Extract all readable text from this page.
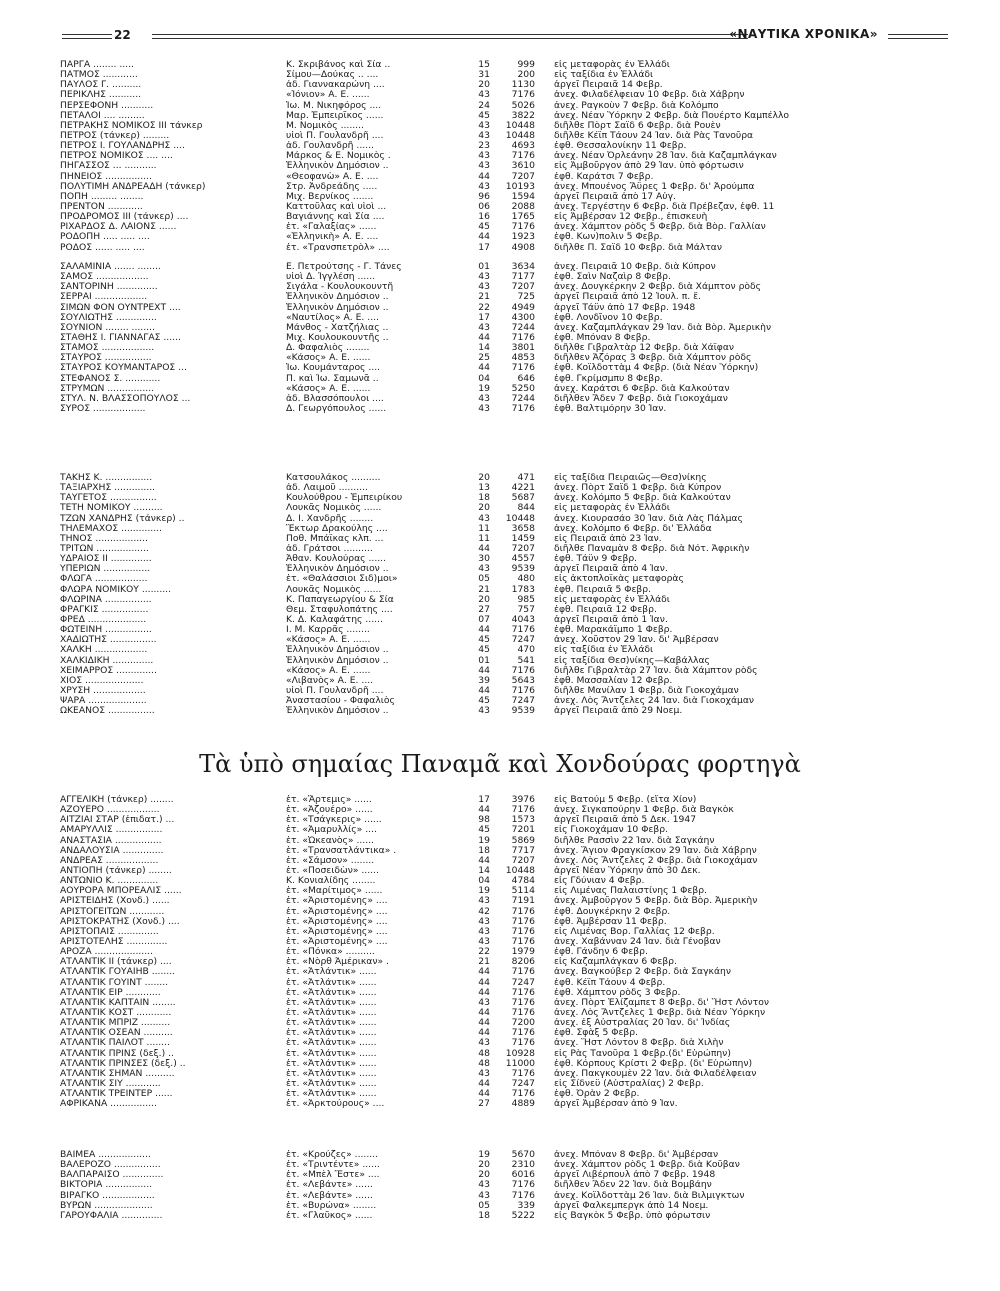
22	«ΝΑΥΤΙΚΑ ΧΡΟΝΙΚΑ»
ΠΑΡΓΑ ........ .....	Κ. Σκριβάνος καὶ Σία ..	15	999 εἰς μεταφορὰς ἐν Ἑλλάδι
ΠΑΤΜΟΣ ............	Σίμου—Δούκας .. ....	31	200 εἰς ταξίδια ἐν Ἑλλάδι
ΠΑΥΛΟΣ Γ. ..........	ἀδ. Γιαννακαρώνη ....	20	1130 ἀργεῖ Πειραιᾶ 14 Φεβρ.
ΠΕΡΙΚΛΗΣ ...........	«Ἰόνιον» Α. Ε. ......	43	7176 ἀνεχ. Φιλαδέλφειαν 10 Φεβρ. διὰ Χάβρην
ΠΕΡΣΕΦΟΝΗ ...........	Ἰω. Μ. Νικηφόρος ....	24	5026 ἀνεχ. Ραγκοὺν 7 Φεβρ. διὰ Κολόμπο
ΠΕΤΑΛΟΙ .... .........	Μαρ. Ἐμπειρῖκος ......	45	3822 ἀνεχ. Νέαν Ὑόρκην 2 Φεβρ. διὰ Πουέρτο Καμπέλλο
ΠΕΤΡΑΚΗΣ ΝΟΜΙΚΟΣ ΙΙΙ τάνκερ	Μ. Νομικὸς ........	43	10448 διῆλθε Πὸρτ Σαΐδ 6 Φεβρ. διὰ Ρουὲν
ΠΕΤΡΟΣ (τάνκερ) .........	υἱοὶ Π. Γουλανδρῆ ....	43	10448 διῆλθε Κέϊπ Τάουν 24 Ἰαν. διὰ Ρὰς Τανοῦρα
ΠΕΤΡΟΣ Ι. ΓΟΥΛΑΝΔΡΗΣ ....	ἀδ. Γουλανδρῆ ......	23	4693 ἐφθ. Θεσσαλονίκην 11 Φεβρ.
ΠΕΤΡΟΣ ΝΟΜΙΚΟΣ .... ....	Μάρκος & Ε. Νομικὸς .	43	7176 ἀνεχ. Νέαν Ὀρλεάνην 28 Ἰαν. διὰ Καζαμπλάγκαν
ΠΗΓΑΣΣΟΣ ... ...........	Ἑλληνικὸν Δημόσιον ..	43	3610 εἰς Ἀμβοῦργον ἀπὸ 29 Ἰαν. ὑπὸ φόρτωσιν
ΠΗΝΕΙΟΣ ................	«Θεοφανὼ» Α. Ε. ....	44	7207 ἐφθ. Καράτσι 7 Φεβρ.
ΠΟΛΥΤΙΜΗ ΑΝΔΡΕΑΔΗ (τάνκερ)	Στρ. Ἀνδρεάδης .....	43	10193 ἀνεχ. Μπουένος Ἄϋρες 1 Φεβρ. δι' Ἀρούμπα
ΠΟΠΗ ......... ........	Μιχ. Βερνίκος .......	96	1594 ἀργεῖ Πειραιᾶ ἀπὸ 17 Αὐγ.
ΠΡΕΝΤΟΝ ............	Καττοῦλας καὶ υἱοὶ ...	06	2088 ἀνεχ. Τεργέστην 6 Φεβρ. διὰ Πρέβεζαν, ἐφθ. 11
ΠΡΟΔΡΟΜΟΣ ΙΙΙ (τάνκερ) ....	Βαγιάννης καὶ Σία ....	16	1765 εἰς Ἀμβέρσαν 12 Φεβρ., ἐπισκευὴ
ΡΙΧΑΡΔΟΣ Δ. ΛΑΙΟΝΣ ......	ἑτ. «Γαλαξίας» ......	45	7176 ἀνεχ. Χάμπτον ρὸδς 5 Φεβρ. διὰ Βὸρ. Γαλλίαν
ΡΟΔΟΠΗ ..... ..... ....	«Ἑλληνικὴ» Α. Ε. ....	44	1923 ἐφθ. Κων)πολιν 5 Φεβρ.
ΡΟΔΟΣ ...... ..... ....	ἑτ. «Τρανσπετρὸλ» ....	17	4908 διῆλθε Π. Σαΐδ 10 Φεβρ. διὰ Μάλταν
ΣΑΛΑΜΙΝΙΑ ....... ........	Ε. Πετρούτσης - Γ. Τάνες	01	3634 ἀνεχ. Πειραιᾶ 10 Φεβρ. διὰ Κύπρον
ΣΑΜΟΣ ..................	υἱοὶ Δ. Ἰγγλέση ......	43	7177 ἐφθ. Σαὶν Ναζαὶρ 8 Φεβρ.
ΣΑΝΤΟΡΙΝΗ ..............	Σιγάλα - Κουλουκουντῆ	43	7207 ἀνεχ. Δουγκέρκην 2 Φεβρ. διὰ Χάμπτον ρὸδς
ΣΕΡΡΑΙ ..................	Ἑλληνικὸν Δημόσιον ..	21	725 ἀργεῖ Πειραιᾶ ἀπὸ 12 Ἰουλ. π. ἔ.
ΣΙΜΩΝ ΦΟΝ ΟΥΝΤΡΕΧΤ ....	Ἑλληνικὸν Δημόσιον ..	22	4949 ἀργεῖ Τάϋν ἀπὸ 17 Φεβρ. 1948
ΣΟΥΛΙΩΤΗΣ ..............	«Ναυτίλος» Α. Ε. ....	17	4300 ἐφθ. Λονδῖνον 10 Φεβρ.
ΣΟΥΝΙΟΝ ........ ........	Μάνθος - Χατζήλιας ..	43	7244 ἀνεχ. Καζαμπλάγκαν 29 Ἰαν. διὰ Βὸρ. Ἀμερικὴν
ΣΤΑΘΗΣ Ι. ΓΙΑΝΝΑΓΑΣ ......	Μιχ. Κουλουκουντῆς ..	44	7176 ἐφθ. Μπόναν 8 Φεβρ.
ΣΤΑΜΟΣ ..................	Δ. Φαφαλιὸς ........	14	3801 διῆλθε Γιβραλτὰρ 12 Φεβρ. διὰ Χάϊφαν
ΣΤΑΥΡΟΣ ................	«Κάσος» Α. Ε. ......	25	4853 διῆλθεν Ἀζόρας 3 Φεβρ. διὰ Χάμπτον ρὸδς
ΣΤΑΥΡΟΣ ΚΟΥΜΑΝΤΑΡΟΣ ...	Ἰω. Κουμάνταρος ....	44	7176 ἐφθ. Κοϊλδοττὰμ 4 Φεβρ. (διὰ Νέαν Ὑόρκην)
ΣΤΕΦΑΝΟΣ Σ. ............	Π. καὶ Ἰω. Σαμωνᾶ ..	04	646 ἐφθ. Γκρίμσμπυ 8 Φεβρ.
ΣΤΡΥΜΩΝ ................	«Κάσος» Α. Ε. ......	19	5250 ἀνεχ. Καράτσι 6 Φεβρ. διὰ Καλκούταν
ΣΤΥΛ. Ν. ΒΛΑΣΣΟΠΟΥΛΟΣ ...	ἀδ. Βλασσόπουλοι ....	43	7244 διῆλθεν Ἄδεν 7 Φεβρ. διὰ Γιοκοχάμαν
ΣΥΡΟΣ ..................	Δ. Γεωργόπουλος ......	43	7176 ἐφθ. Βαλτιμόρην 30 Ἰαν.
ΤΑΚΗΣ Κ. ................	Κατσουλάκος ..........	20	471 εἰς ταξίδια Πειραιῶς—Θεσ)νίκης
ΤΑΞΙΑΡΧΗΣ ..............	ἀδ. Λαιμοῦ ..........	13	4221 ἀνεχ. Πὸρτ Σαΐδ 1 Φεβρ. διὰ Κύπρον
ΤΑΫΓΕΤΟΣ ................	Κουλούθρου - Ἐμπειρίκου	18	5687 ἀνεχ. Κολόμπο 5 Φεβρ. διὰ Καλκούταν
ΤΕΤΗ ΝΟΜΙΚΟΥ ..........	Λουκᾶς Νομικὸς ......	20	844 εἰς μεταφορὰς ἐν Ἑλλάδι
ΤΖΩΝ ΧΑΝΔΡΗΣ (τάνκερ) ..	Δ. Ι. Χανδρῆς ........	43	10448 ἀνεχ. Κιουρασάο 30 Ἰαν. διὰ Λὰς Πάλμας
ΤΗΛΕΜΑΧΟΣ ..............	Ἕκτωρ Δρακούλης ....	11	3658 ἀνεχ. Κολόμπο 6 Φεβρ. δι' Ἑλλάδα
ΤΗΝΟΣ ..................	Ποθ. Μπάϊκας κλπ. ...	11	1459 εἰς Πειραιᾶ ἀπὸ 23 Ἰαν.
ΤΡΙΤΩΝ ..................	ἀδ. Γράτσοι ..........	44	7207 διῆλθε Παναμὰν 8 Φεβρ. διὰ Νότ. Ἀφρικὴν
ΥΔΡΑΙΟΣ ΙΙ ..............	Ἀθαν. Κουλούρας ......	30	4557 ἐφθ. Τάϋν 9 Φεβρ.
ΥΠΕΡΙΩΝ ................	Ἑλληνικὸν Δημόσιον ..	43	9539 ἀργεῖ Πειραιᾶ ἀπὸ 4 Ἰαν.
ΦΛΩΓΑ ..................	ἑτ. «Θαλάσσιοι Σιδ)μοι»	05	480 εἰς ἀκτοπλοϊκὰς μεταφορὰς
ΦΛΩΡΑ ΝΟΜΙΚΟΥ ..........	Λουκᾶς Νομικὸς ......	21	1783 ἐφθ. Πειραιᾶ 5 Φεβρ.
ΦΛΩΡΙΝΑ ................	Κ. Παπαγεωργίου & Σία	20	985 εἰς μεταφορὰς ἐν Ἑλλάδι
ΦΡΑΓΚΙΣ ................	Θεμ. Σταφυλοπάτης ....	27	757 ἐφθ. Πειραιᾶ 12 Φεβρ.
ΦΡΕΔ ....................	Κ. Δ. Καλαφάτης ......	07	4043 ἀργεῖ Πειραιᾶ ἀπὸ 1 Ἰαν.
ΦΩΤΕΙΝΗ ................	Ι. Μ. Καρρᾶς ........	44	7176 ἐφθ. Μαρακάϊμπο 1 Φεβρ.
ΧΑΔΙΩΤΗΣ ................	«Κάσος» Α. Ε. ......	45	7247 ἀνεχ. Χοῦστον 29 Ἰαν. δι' Ἀμβέρσαν
ΧΑΛΚΗ ..................	Ἑλληνικὸν Δημόσιον ..	45	470 εἰς ταξίδια ἐν Ἑλλάδι
ΧΑΛΚΙΔΙΚΗ ..............	Ἑλληνικὸν Δημόσιον ..	01	541 εἰς ταξίδια Θεσ)νίκης—Καβάλλας
ΧΕΙΜΑΡΡΟΣ ..............	«Κάσος» Α. Ε. ......	44	7176 διῆλθε Γιβραλτὰρ 27 Ἰαν. διὰ Χάμπτον ρὸδς
ΧΙΟΣ ....................	«Λιβανὸς» Α. Ε. ....	39	5643 ἐφθ. Μασσαλίαν 12 Φεβρ.
ΧΡΥΣΗ ..................	υἱοὶ Π. Γουλανδρῆ ....	44	7176 διῆλθε Μανίλαν 1 Φεβρ. διὰ Γιοκοχάμαν
ΨΑΡΑ ....................	Ἀναστασίου - Φαφαλιὸς	45	7247 ἀνεχ. Λὸς Ἄντζελες 24 Ἰαν. διὰ Γιοκοχάμαν
ΩΚΕΑΝΟΣ ................	Ἑλληνικὸν Δημόσιον ..	43	9539 ἀργεῖ Πειραιᾶ ἀπὸ 29 Νοεμ.
Τὰ ὑπὸ σημαίας Παναμᾶ καὶ Χονδούρας φορτηγὰ
ΑΓΓΕΛΙΚΗ (τάνκερ) ........	ἑτ. «Ἄρτεμις» ......	17	3976 εἰς Βατούμ 5 Φεβρ. (εἴτα Χίον)
ΑΖΟΥΕΡΟ ..................	ἑτ. «Ἀζουέρο» ......	44	7176 ἀνεχ. Σιγκαπούρην 1 Φεβρ. διὰ Βαγκὸκ
ΑΪΤΖΙΑΙ ΣΤΑΡ (ἐπιδατ.) ...	ἑτ. «Τσάγκερις» ......	98	1573 ἀργεῖ Πειραιᾶ ἀπὸ 5 Δεκ. 1947
ΑΜΑΡΥΛΛΙΣ ................	ἑτ. «Ἀμαρυλλίς» ....	45	7201 εἰς Γιοκοχάμαν 10 Φεβρ.
ΑΝΑΣΤΑΣΙΑ ................	ἑτ. «Ὠκεανὸς» ......	19	5869 διῆλθε Ρασσὶν 22 Ἰαν. διὰ Σαγκάην
ΑΝΔΑΛΟΥΣΙΑ ..............	ἑτ. «Τρανσατλάντικα» .	18	7717 ἀνεχ. Ἅγιον Φραγκίσκον 29 Ἰαν. διὰ Χάβρην
ΑΝΔΡΕΑΣ ..................	ἑτ. «Σάμσον» ........	44	7207 ἀνεχ. Λὸς Ἄντζελες 2 Φεβρ. διὰ Γιοκοχάμαν
ΑΝΤΙΟΠΗ (τάνκερ) ........	ἑτ. «Ποσειδὼν» ......	14	10448 ἀργεῖ Νέαν Ὑόρκην ἀπὸ 30 Δεκ.
ΑΝΤΩΝΙΟ Κ. ..............	Κ. Κονιαλίδης ........	04	4784 εἰς Γδύνιαν 4 Φεβρ.
ΑΟΥΡΟΡΑ ΜΠΟΡΕΑΛΙΣ ......	ἑτ. «Μαρίτιμος» ......	19	5114 εἰς Λιμένας Παλαιστίνης 1 Φεβρ.
ΑΡΙΣΤΕΙΔΗΣ (Χονδ.) ......	ἑτ. «Ἀριστομένης» ....	43	7191 ἀνεχ. Ἀμβοῦργον 5 Φεβρ. διὰ Βὸρ. Ἀμερικὴν
ΑΡΙΣΤΟΓΕΙΤΩΝ ............	ἑτ. «Ἀριστομένης» ....	42	7176 ἐφθ. Δουγκέρκην 2 Φεβρ.
ΑΡΙΣΤΟΚΡΑΤΗΣ (Χονδ.) ....	ἑτ. «Ἀριστομένης» ....	43	7176 ἐφθ. Ἀμβέρσαν 11 Φεβρ.
ΑΡΙΣΤΟΠΑΙΣ ..............	ἑτ. «Ἀριστομένης» ....	43	7176 εἰς Λιμένας Βορ. Γαλλίας 12 Φεβρ.
ΑΡΙΣΤΟΤΕΛΗΣ ..............	ἑτ. «Ἀριστομένης» ....	43	7176 ἀνεχ. Χαβάνναν 24 Ἰαν. διὰ Γένοβαν
ΑΡΟΖΑ ....................	ἑτ. «Πόνκα» ..........	22	1979 ἐφθ. Γάνδην 6 Φεβρ.
ΑΤΛΑΝΤΙΚ ΙΙ (τάνκερ) ....	ἑτ. «Νὸρθ Ἀμέρικαν» .	21	8206 εἰς Καζαμπλάγκαν 6 Φεβρ.
ΑΤΛΑΝΤΙΚ ΓΟΥΑΙΗΒ ........	ἑτ. «Ἀτλάντικ» ......	44	7176 ἀνεχ. Βαγκούβερ 2 Φεβρ. διὰ Σαγκάην
ΑΤΛΑΝΤΙΚ ΓΟΥΙΝΤ ........	ἑτ. «Ἀτλάντικ» ......	44	7247 ἐφθ. Κέϊπ Τάουν 4 Φεβρ.
ΑΤΛΑΝΤΙΚ ΕΪΡ ............	ἑτ. «Ἀτλάντικ» ......	44	7176 ἐφθ. Χάμπτον ρὸδς 3 Φεβρ.
ΑΤΛΑΝΤΙΚ ΚΑΠΤΑΙΝ ........	ἑτ. «Ἀτλάντικ» ......	43	7176 ἀνεχ. Πὸρτ Ἐλίζαμπετ 8 Φεβρ. δι' Ἥστ Λόντον
ΑΤΛΑΝΤΙΚ ΚΟΣΤ ............	ἑτ. «Ἀτλάντικ» ......	44	7176 ἀνεχ. Λὸς Ἄντζελες 1 Φεβρ. διὰ Νέαν Ὑόρκην
ΑΤΛΑΝΤΙΚ ΜΠΡΙΖ ..........	ἑτ. «Ἀτλάντικ» ......	44	7200 ἀνεχ. ἐξ Αὐστραλίας 20 Ἰαν. δι' Ἰνδίας
ΑΤΛΑΝΤΙΚ ΟΣΕΑΝ ..........	ἑτ. «Ἀτλάντικ» ......	44	7176 ἐφθ. Σφὰξ 5 Φεβρ.
ΑΤΛΑΝΤΙΚ ΠΑΪΛΟΤ ........	ἑτ. «Ἀτλάντικ» ......	43	7176 ἀνεχ. Ἥστ Λόντον 8 Φεβρ. διὰ Χιλὴν
ΑΤΛΑΝΤΙΚ ΠΡΙΝΣ (δεξ.) ..	ἑτ. «Ἀτλάντικ» ......	48	10928 εἰς Ρὰς Τανοῦρα 1 Φεβρ.(δι' Εὐρώπην)
ΑΤΛΑΝΤΙΚ ΠΡΙΝΣΕΣ (δεξ.) ..	ἑτ. «Ἀτλάντικ» ......	48	11000 ἐφθ. Κόρπους Κρίστι 2 Φεβρ. (δι' Εὐρώπην)
ΑΤΛΑΝΤΙΚ ΣΗΜΑΝ ..........	ἑτ. «Ἀτλάντικ» ......	43	7176 ἀνεχ. Πακγκουμὲν 22 Ἰαν. διὰ Φιλαδέλφειαν
ΑΤΛΑΝΤΙΚ ΣΙΫ ............	ἑτ. «Ἀτλάντικ» ......	44	7247 εἰς Σίδνεϋ (Αὐστραλίας) 2 Φεβρ.
ΑΤΛΑΝΤΙΚ ΤΡΕΪΝΤΕΡ ......	ἑτ. «Ἀτλάντικ» ......	44	7176 ἐφθ. Ὀρὰν 2 Φεβρ.
ΑΦΡΙΚΑΝΑ ................	ἑτ. «Ἀρκτούρους» ....	27	4889 ἀργεῖ Ἀμβέρσαν ἀπὸ 9 Ἰαν.
ΒΑΪΜΕΑ ..................	ἑτ. «Κρούζες» ........	19	5670 ἀνεχ. Μπόναν 8 Φεβρ. δι' Ἀμβέρσαν
ΒΑΛΕΡΟΖΟ ................	ἑτ. «Τριντέντε» ......	20	2310 ἀνεχ. Χάμπτον ρὸδς 1 Φεβρ. διὰ Κοῦβαν
ΒΑΛΠΑΡΑΪΣΟ ..............	ἑτ. «Μπὲλ Ἔστε» ....	20	6016 ἀργεῖ Λιβέρπουλ ἀπὸ 7 Φεβρ. 1948
ΒΙΚΤΟΡΙΑ ................	ἑτ. «Λεβάντε» ......	43	7176 διῆλθεν Ἄδεν 22 Ἰαν. διὰ Βομβάην
ΒΙΡΑΓΚΟ ..................	ἑτ. «Λεβάντε» ......	43	7176 ἀνεχ. Κοϊλδοττὰμ 26 Ἰαν. διὰ Βιλμιγκτων
ΒΥΡΩΝ ....................	ἑτ. «Βυρώνα» ........	05	339 ἀργεῖ Φαλκεμπεργκ ἀπὸ 14 Νοεμ.
ΓΑΡΟΥΦΑΛΙΑ ..............	ἑτ. «Γλαῦκος» ......	18	5222 εἰς Βαγκὸκ 5 Φεβρ. ὑπὸ φόρωτσιν
